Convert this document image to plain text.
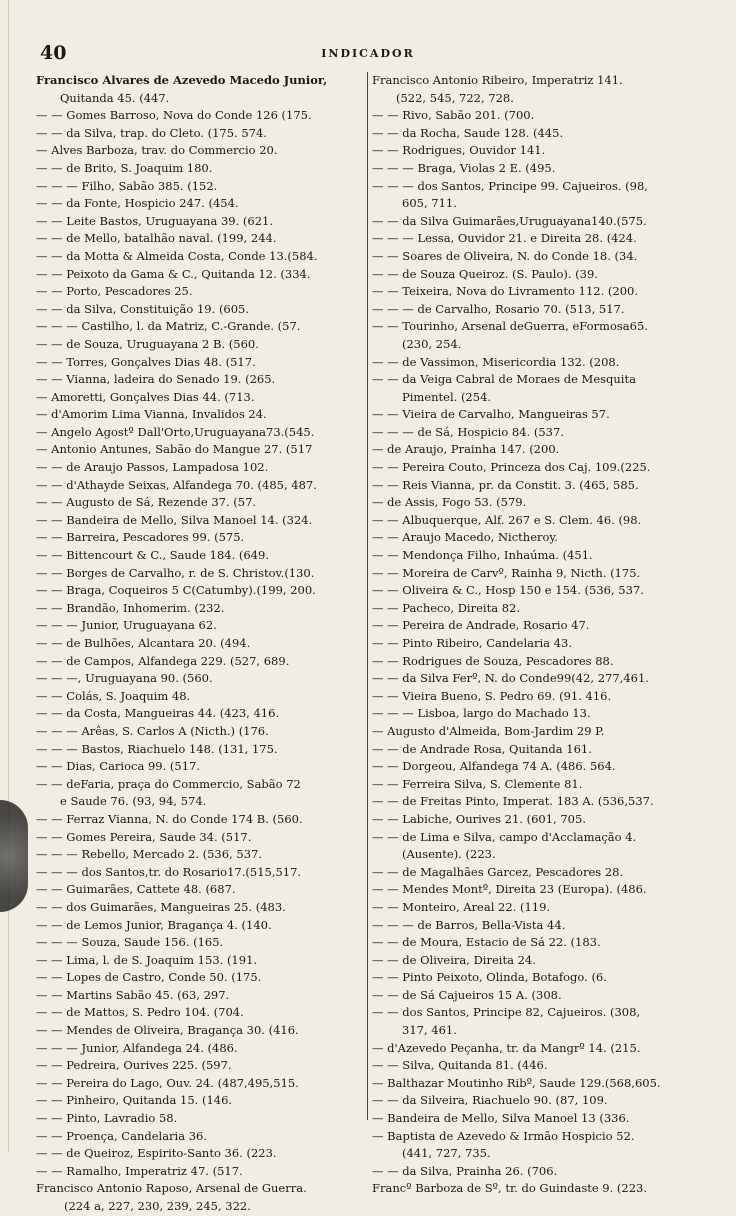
40	INDICADOR
Francisco Alvares de Azevedo Macedo Junior,
Quitanda 45. (447.
— — Gomes Barroso, Nova do Conde 126 (175.
— — da Silva, trap. do Cleto. (175. 574.
— Alves Barboza, trav. do Commercio 20.
— — de Brito, S. Joaquim 180.
— — — Filho, Sabão 385. (152.
— — da Fonte, Hospicio 247. (454.
— — Leite Bastos, Uruguayana 39. (621.
— — de Mello, batalhão naval. (199, 244.
— — da Motta & Almeida Costa, Conde 13.(584.
— — Peixoto da Gama & C., Quitanda 12. (334.
— — Porto, Pescadores 25.
— — da Silva, Constituição 19. (605.
— — — Castilho, l. da Matriz, C.-Grande. (57.
— — de Souza, Uruguayana 2 B. (560.
— — Torres, Gonçalves Dias 48. (517.
— — Vianna, ladeira do Senado 19. (265.
— Amoretti, Gonçalves Dias 44. (713.
— d'Amorim Lima Vianna, Invalidos 24.
— Angelo Agostº Dall'Orto,Uruguayana73.(545.
— Antonio Antunes, Sabão do Mangue 27. (517
— — de Araujo Passos, Lampadosa 102.
— — d'Athayde Seixas, Alfandega 70. (485, 487.
— — Augusto de Sá, Rezende 37. (57.
— — Bandeira de Mello, Silva Manoel 14. (324.
— — Barreira, Pescadores 99. (575.
— — Bittencourt & C., Saude 184. (649.
— — Borges de Carvalho, r. de S. Christov.(130.
— — Braga, Coqueiros 5 C(Catumby).(199, 200.
— — Brandão, Inhomerim. (232.
— — — Junior, Uruguayana 62.
— — de Bulhões, Alcantara 20. (494.
— — de Campos, Alfandega 229. (527, 689.
— — —, Uruguayana 90. (560.
— — Colás, S. Joaquim 48.
— — da Costa, Mangueiras 44. (423, 416.
— — — Arêas, S. Carlos A (Nicth.) (176.
— — — Bastos, Riachuelo 148. (131, 175.
— — Dias, Carioca 99. (517.
— — deFaria, praça do Commercio, Sabão 72
e Saude 76. (93, 94, 574.
— — Ferraz Vianna, N. do Conde 174 B. (560.
— — Gomes Pereira, Saude 34. (517.
— — — Rebello, Mercado 2. (536, 537.
— — — dos Santos,tr. do Rosario17.(515,517.
— — Guimarães, Cattete 48. (687.
— — dos Guimarães, Mangueiras 25. (483.
— — de Lemos Junior, Bragança 4. (140.
— — — Souza, Saude 156. (165.
— — Lima, l. de S. Joaquim 153. (191.
— — Lopes de Castro, Conde 50. (175.
— — Martins Sabão 45. (63, 297.
— — de Mattos, S. Pedro 104. (704.
— — Mendes de Oliveira, Bragança 30. (416.
— — — Junior, Alfandega 24. (486.
— — Pedreira, Ourives 225. (597.
— — Pereira do Lago, Ouv. 24. (487,495,515.
— — Pinheiro, Quitanda 15. (146.
— — Pinto, Lavradio 58.
— — Proença, Candelaria 36.
— — de Queiroz, Espirito-Santo 36. (223.
— — Ramalho, Imperatriz 47. (517.
Francisco Antonio Raposo, Arsenal de Guerra.
(224 a, 227, 230, 239, 245, 322.
Francisco Antonio Ribeiro, Imperatriz 141.
(522, 545, 722, 728.
— — Rivo, Sabão 201. (700.
— — da Rocha, Saude 128. (445.
— — Rodrigues, Ouvidor 141.
— — — Braga, Violas 2 E. (495.
— — — dos Santos, Principe 99. Cajueiros. (98,
605, 711.
— — da Silva Guimarães,Uruguayana140.(575.
— — — Lessa, Ouvidor 21. e Direita 28. (424.
— — Soares de Oliveira, N. do Conde 18. (34.
— — de Souza Queiroz. (S. Paulo). (39.
— — Teixeira, Nova do Livramento 112. (200.
— — — de Carvalho, Rosario 70. (513, 517.
— — Tourinho, Arsenal deGuerra, eFormosa65.
(230, 254.
— — de Vassimon, Misericordia 132. (208.
— — da Veiga Cabral de Moraes de Mesquita
Pimentel. (254.
— — Vieira de Carvalho, Mangueiras 57.
— — — de Sá, Hospicio 84. (537.
— de Araujo, Prainha 147. (200.
— — Pereira Couto, Princeza dos Caj. 109.(225.
— — Reis Vianna, pr. da Constit. 3. (465, 585.
— de Assis, Fogo 53. (579.
— — Albuquerque, Alf. 267 e S. Clem. 46. (98.
— — Araujo Macedo, Nictheroy.
— — Mendonça Filho, Inhaúma. (451.
— — Moreira de Carvº, Rainha 9, Nicth. (175.
— — Oliveira & C., Hosp 150 e 154. (536, 537.
— — Pacheco, Direita 82.
— — Pereira de Andrade, Rosario 47.
— — Pinto Ribeiro, Candelaria 43.
— — Rodrigues de Souza, Pescadores 88.
— — da Silva Ferº, N. do Conde99(42, 277,461.
— — Vieira Bueno, S. Pedro 69. (91. 416.
— — — Lisboa, largo do Machado 13.
— Augusto d'Almeida, Bom-Jardim 29 P.
— — de Andrade Rosa, Quitanda 161.
— — Dorgeou, Alfandega 74 A. (486. 564.
— — Ferreira Silva, S. Clemente 81.
— — de Freitas Pinto, Imperat. 183 A. (536,537.
— — Labiche, Ourives 21. (601, 705.
— — de Lima e Silva, campo d'Acclamação 4.
(Ausente). (223.
— — de Magalhães Garcez, Pescadores 28.
— — Mendes Montº, Direita 23 (Europa). (486.
— — Monteiro, Areal 22. (119.
— — — de Barros, Bella-Vista 44.
— — de Moura, Estacio de Sá 22. (183.
— — de Oliveira, Direita 24.
— — Pinto Peixoto, Olinda, Botafogo. (6.
— — de Sá Cajueiros 15 A. (308.
— — dos Santos, Principe 82, Cajueiros. (308,
317, 461.
— d'Azevedo Peçanha, tr. da Mangrº 14. (215.
— — Silva, Quitanda 81. (446.
— Balthazar Moutinho Ribº, Saude 129.(568,605.
— — da Silveira, Riachuelo 90. (87, 109.
— Bandeira de Mello, Silva Manoel 13 (336.
— Baptista de Azevedo & Irmão Hospicio 52.
(441, 727, 735.
— — da Silva, Prainha 26. (706.
Francº Barboza de Sº, tr. do Guindaste 9. (223.
